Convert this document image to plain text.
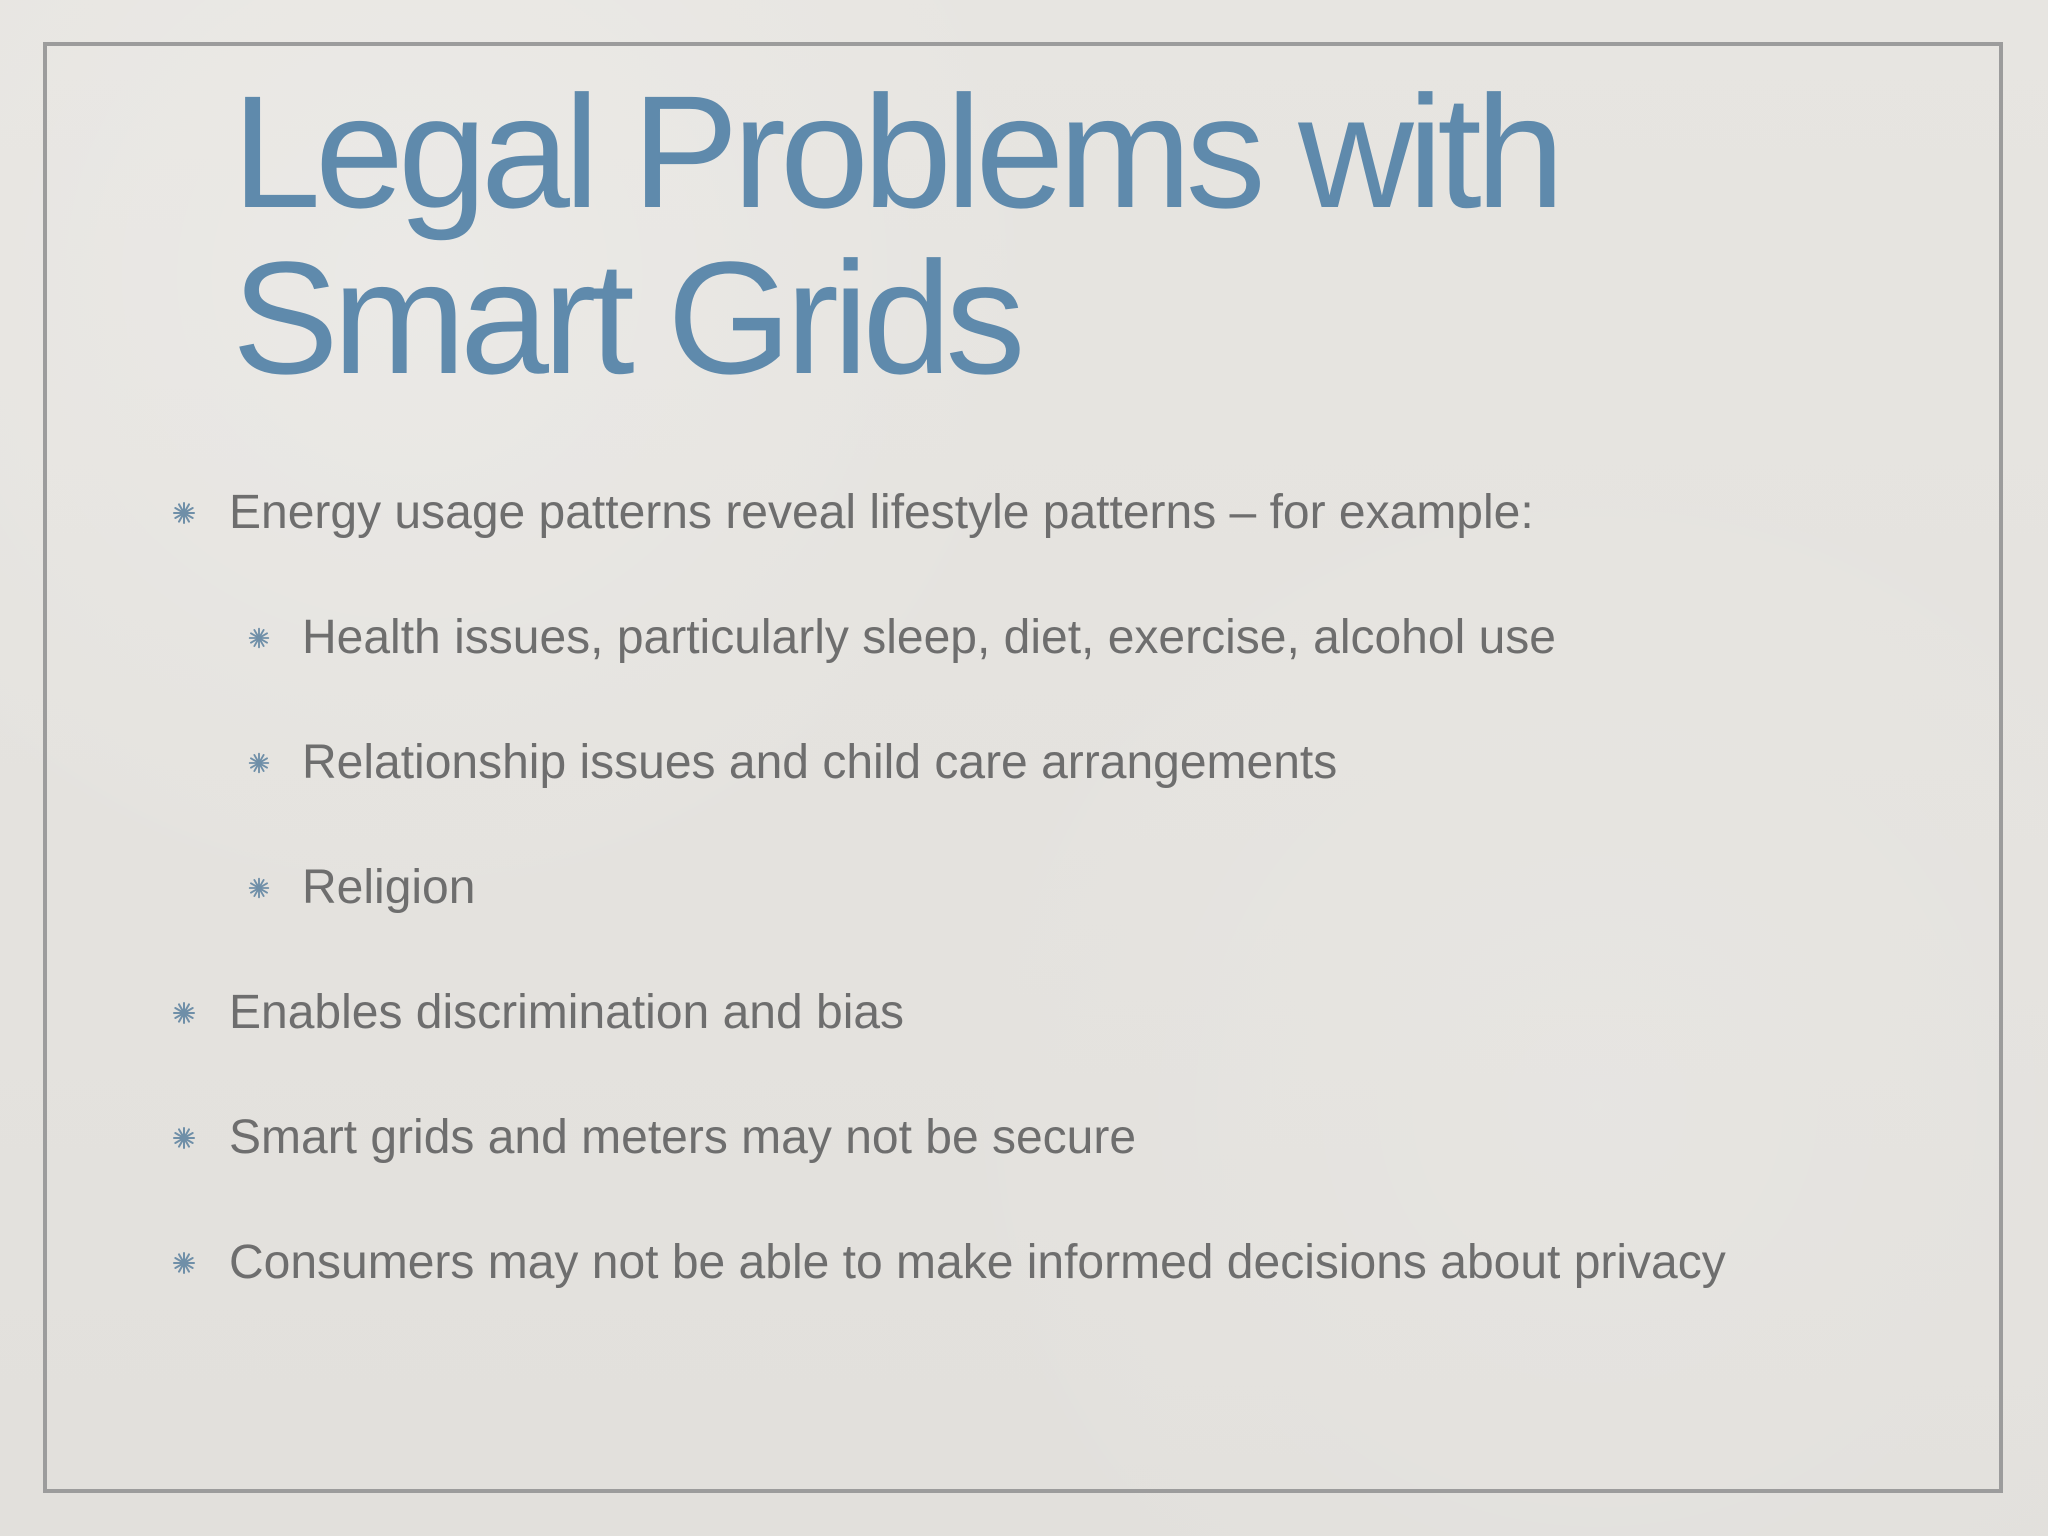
Legal Problems with
Smart Grids
Energy usage patterns reveal lifestyle patterns – for example:
Health issues, particularly sleep, diet, exercise, alcohol use
Relationship issues and child care arrangements
Religion
Enables discrimination and bias
Smart grids and meters may not be secure
Consumers may not be able to make informed decisions about privacy
